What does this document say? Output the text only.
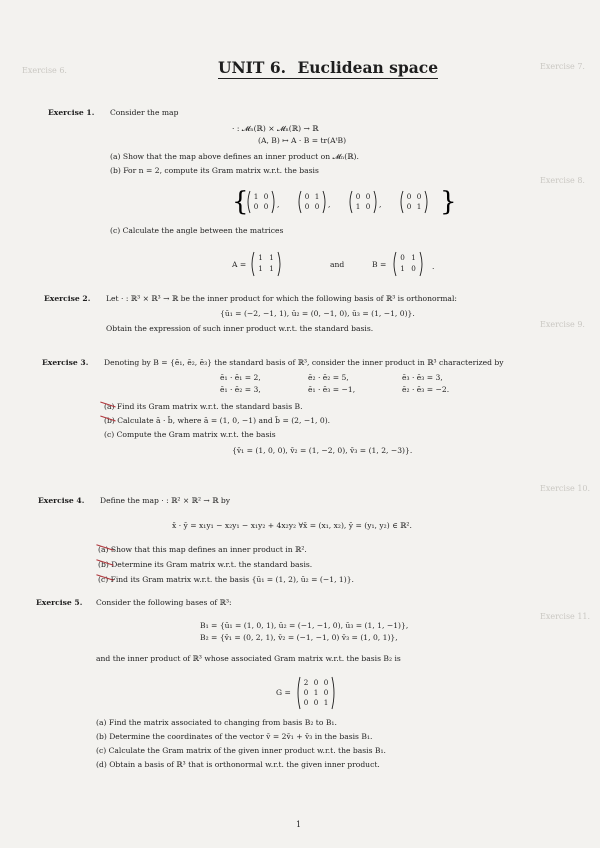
Exercise 6.	Exercise 7.
Exercise 8.
Exercise 9.
Exercise 10.
Exercise 11.
UNIT 6. Euclidean space
Exercise 1. Consider the map
· : 𝓜ₙ(ℝ) × 𝓜ₙ(ℝ) → ℝ
(A, B) ↦ A · B = tr(AᵗB)
(a) Show that the map above defines an inner product on 𝓜ₙ(ℝ).
(b) For n = 2, compute its Gram matrix w.r.t. the basis
{	}
1 0
0 0	,
0 1
0 0	,
0 0
1 0	,
0 0
0 1
(c) Calculate the angle between the matrices
A =
1 1
1 1	and	B =
0 1
1 0	.
Exercise 2. Let · : ℝ³ × ℝ³ → ℝ be the inner product for which the following basis of ℝ³ is orthonormal:
{ū₁ = (−2, −1, 1), ū₂ = (0, −1, 0), ū₃ = (1, −1, 0)}.
Obtain the expression of such inner product w.r.t. the standard basis.
Exercise 3. Denoting by B = {ē₁, ē₂, ē₃} the standard basis of ℝ³, consider the inner product in ℝ³ characterized by
ē₁ · ē₁ = 2,	ē₂ · ē₂ = 5,	ē₃ · ē₃ = 3,
ē₁ · ē₂ = 3,	ē₁ · ē₃ = −1,	ē₂ · ē₃ = −2.
(a) Find its Gram matrix w.r.t. the standard basis B.
(b) Calculate ā · b̄, where ā = (1, 0, −1) and b̄ = (2, −1, 0).
(c) Compute the Gram matrix w.r.t. the basis
{v̄₁ = (1, 0, 0), v̄₂ = (1, −2, 0), v̄₃ = (1, 2, −3)}.
Exercise 4. Define the map · : ℝ² × ℝ² → ℝ by
x̄ · ȳ = x₁y₁ − x₂y₁ − x₁y₂ + 4x₂y₂ ∀x̄ = (x₁, x₂), ȳ = (y₁, y₂) ∈ ℝ².
(a) Show that this map defines an inner product in ℝ².
(b) Determine its Gram matrix w.r.t. the standard basis.
(c) Find its Gram matrix w.r.t. the basis {ū₁ = (1, 2), ū₂ = (−1, 1)}.
Exercise 5. Consider the following bases of ℝ³:
B₁ = {ū₁ = (1, 0, 1), ū₂ = (−1, −1, 0), ū₃ = (1, 1, −1)},
B₂ = {v̄₁ = (0, 2, 1), v̄₂ = (−1, −1, 0) v̄₃ = (1, 0, 1)},
and the inner product of ℝ³ whose associated Gram matrix w.r.t. the basis B₂ is
G =
2 0 0
0 1 0
0 0 1
(a) Find the matrix associated to changing from basis B₂ to B₁.
(b) Determine the coordinates of the vector v̄ = 2v̄₁ + v̄₃ in the basis B₁.
(c) Calculate the Gram matrix of the given inner product w.r.t. the basis B₁.
(d) Obtain a basis of ℝ³ that is orthonormal w.r.t. the given inner product.
1
